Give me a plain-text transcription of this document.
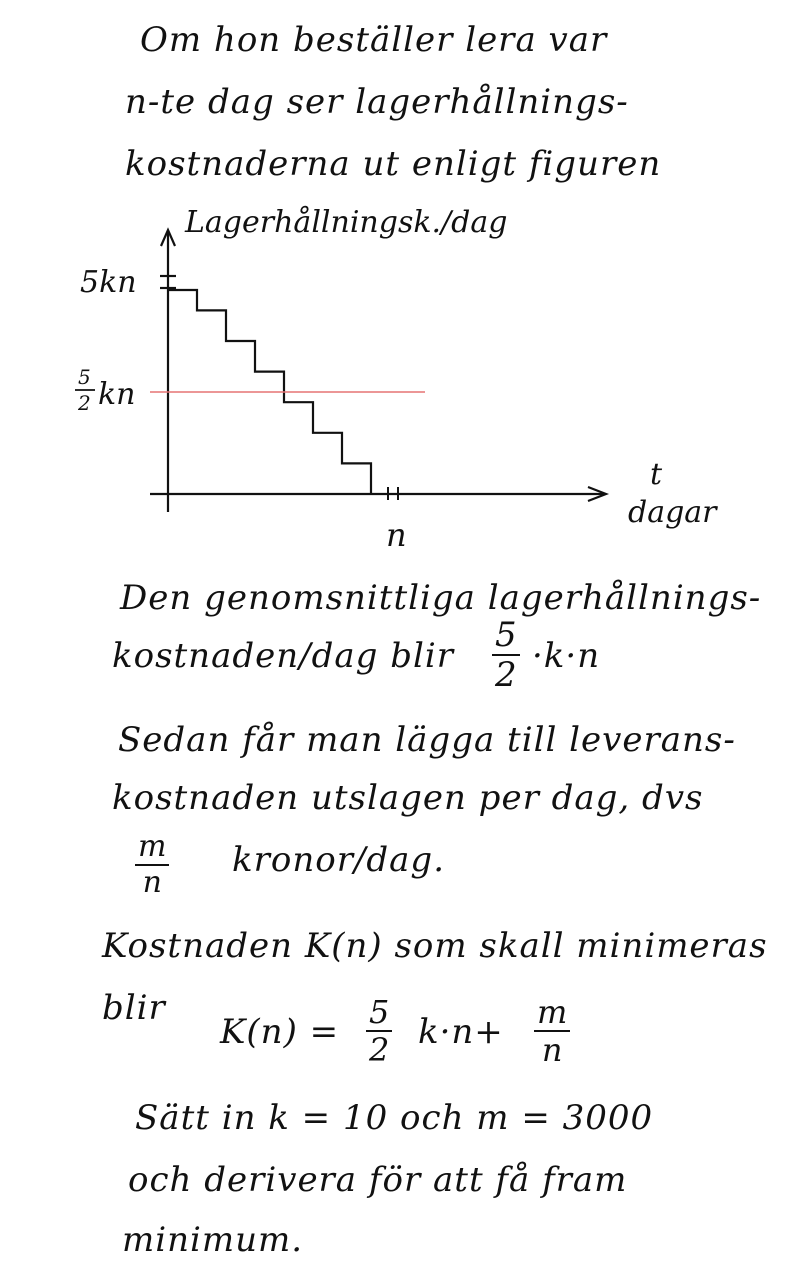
Om hon beställer lera var
n-te dag ser lagerhållnings-
kostnaderna ut enligt figuren
Lagerhållningsk./dag
5kn
5
2 kn
t
dagar
n
Den genomsnittliga lagerhållnings-
kostnaden/dag blir
5
2 ·k·n
Sedan får man lägga till leverans-
kostnaden utslagen per dag, dvs
m
n
kronor/dag.
Kostnaden K(n) som skall minimeras
blir
K(n) = 5
2 k·n+ m
n
Sätt in k = 10 och m = 3000
och derivera för att få fram
minimum.
